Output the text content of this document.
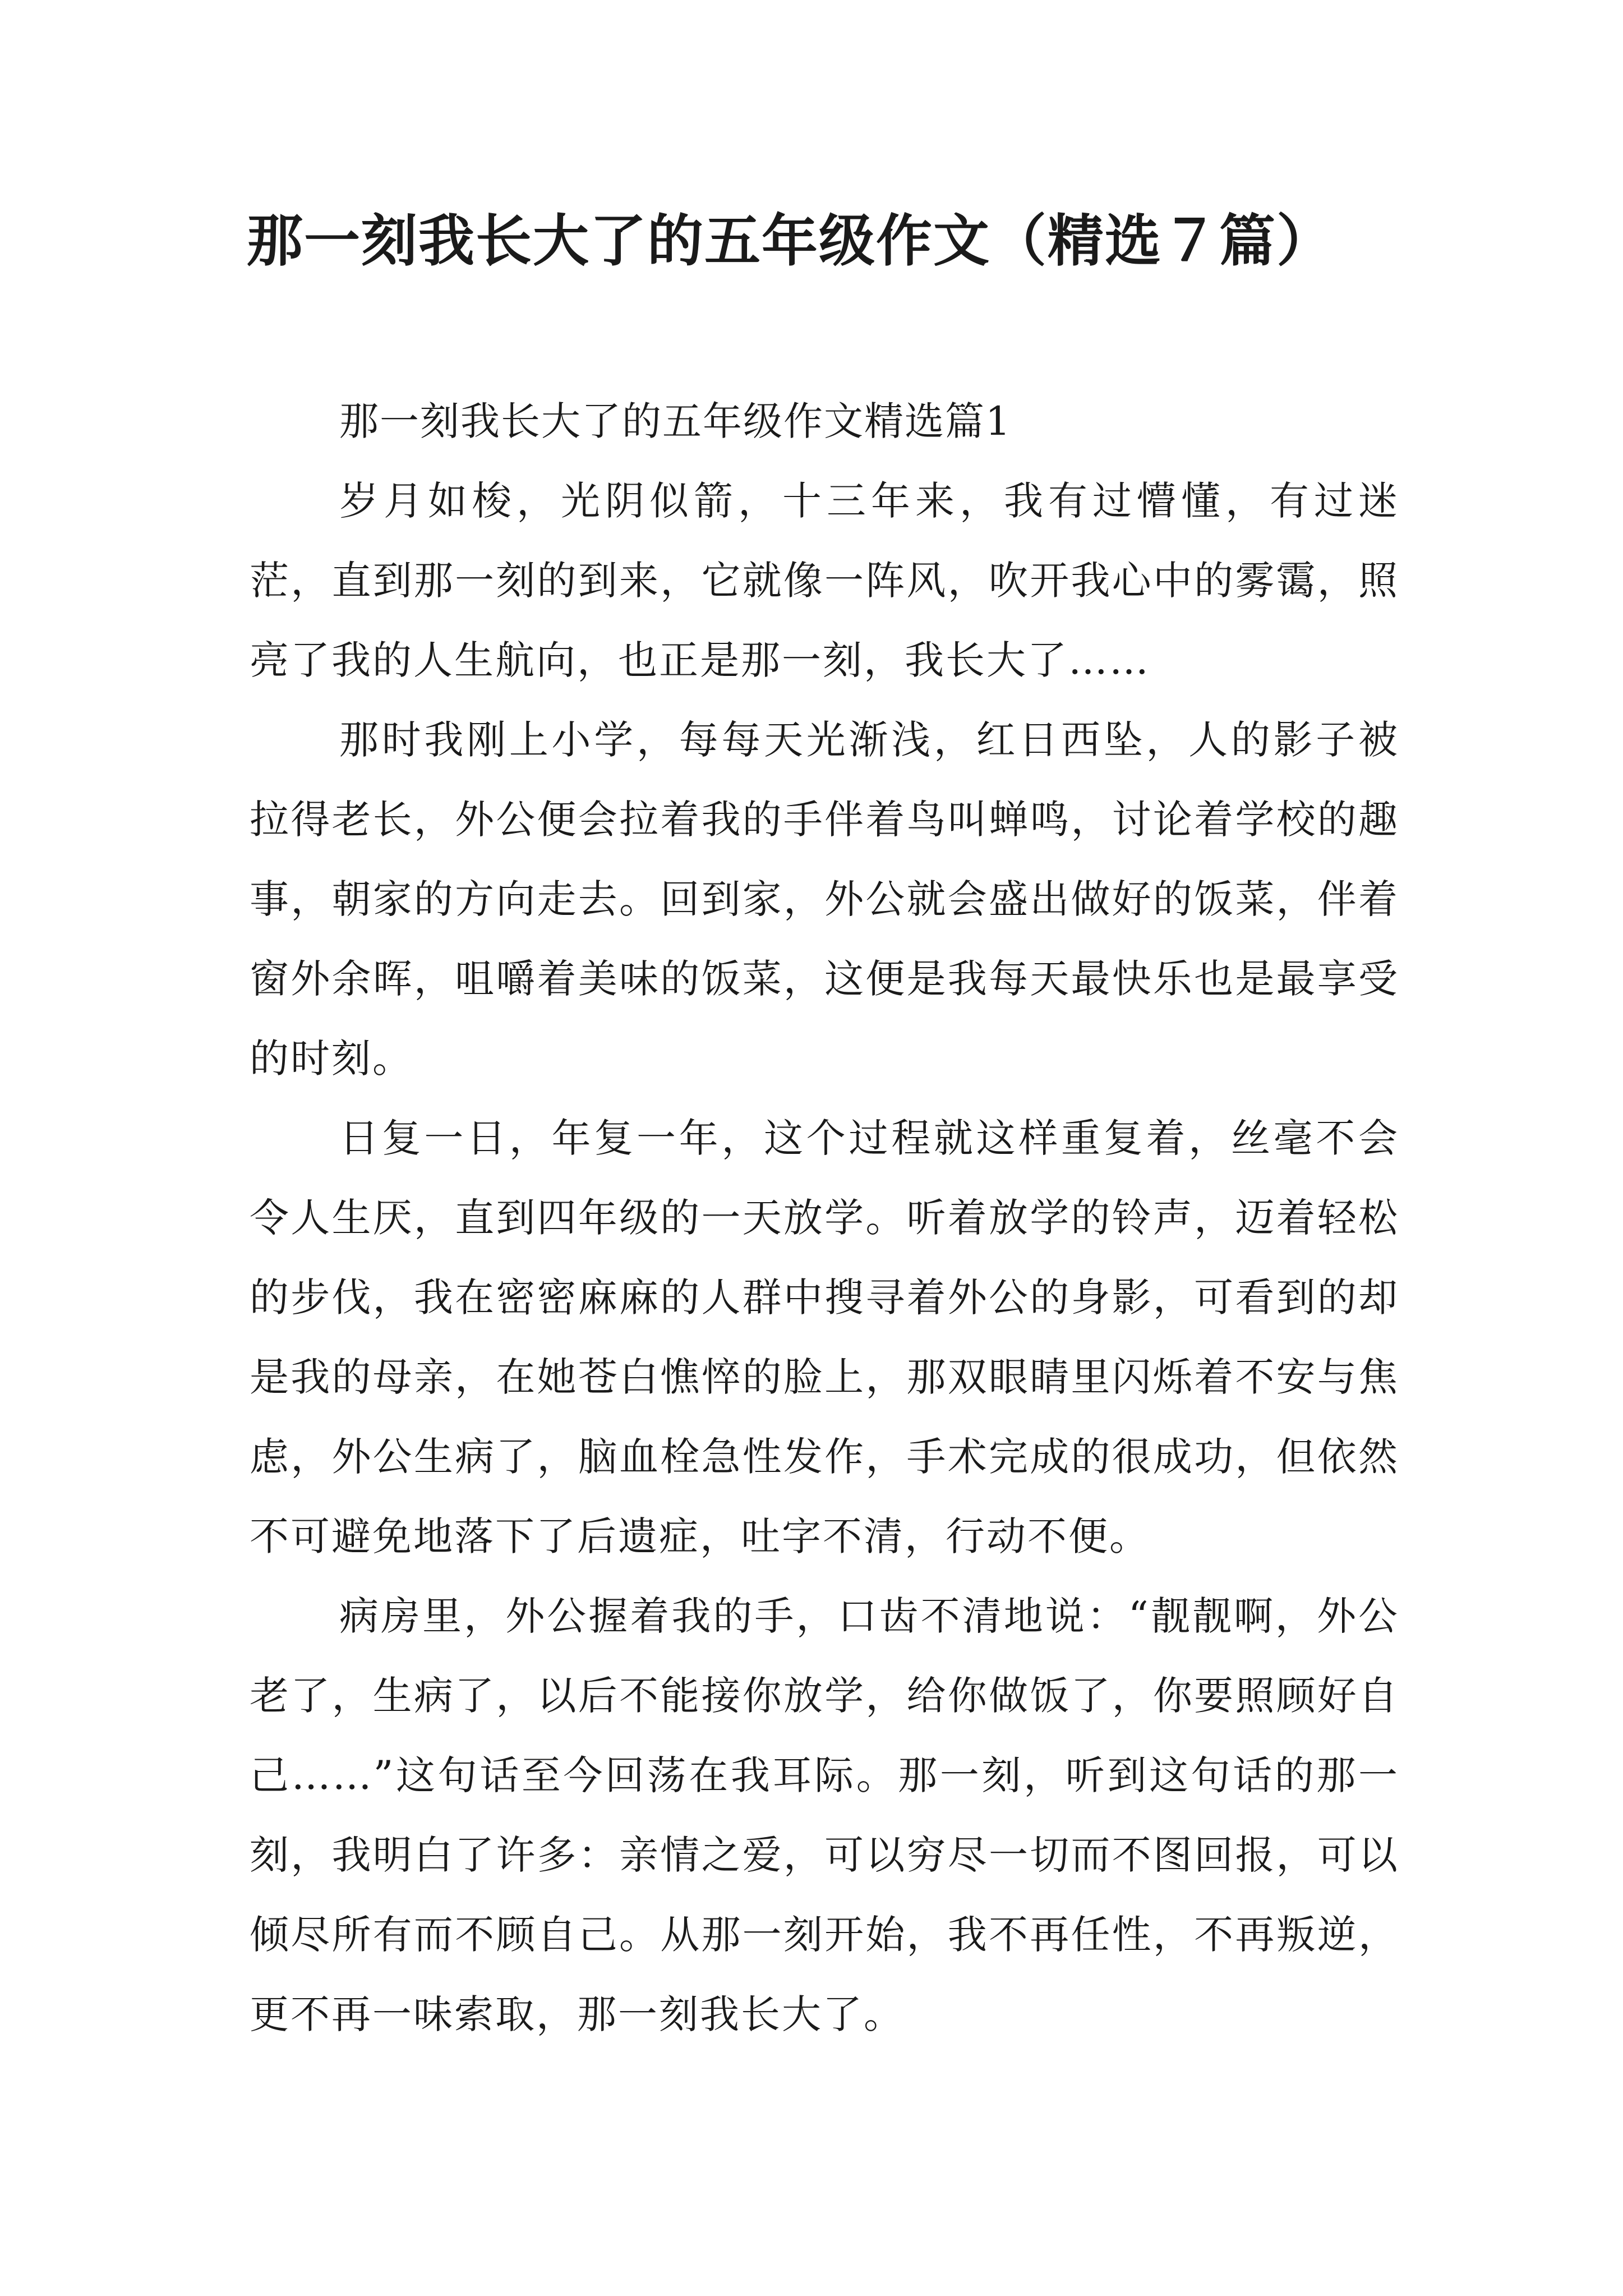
那一刻我长大了的五年级作文（精选７篇）

那一刻我长大了的五年级作文精选篇1

岁月如梭，光阴似箭，十三年来，我有过懵懂，有过迷茫，直到那一刻的到来，它就像一阵风，吹开我心中的雾霭，照亮了我的人生航向，也正是那一刻，我长大了……

那时我刚上小学，每每天光渐浅，红日西坠，人的影子被拉得老长，外公便会拉着我的手伴着鸟叫蝉鸣，讨论着学校的趣事，朝家的方向走去。回到家，外公就会盛出做好的饭菜，伴着窗外余晖，咀嚼着美味的饭菜，这便是我每天最快乐也是最享受的时刻。

日复一日，年复一年，这个过程就这样重复着，丝毫不会令人生厌，直到四年级的一天放学。听着放学的铃声，迈着轻松的步伐，我在密密麻麻的人群中搜寻着外公的身影，可看到的却是我的母亲，在她苍白憔悴的脸上，那双眼睛里闪烁着不安与焦虑，外公生病了，脑血栓急性发作，手术完成的很成功，但依然不可避免地落下了后遗症，吐字不清，行动不便。

病房里，外公握着我的手，口齿不清地说：“靓靓啊，外公老了，生病了，以后不能接你放学，给你做饭了，你要照顾好自己……”这句话至今回荡在我耳际。那一刻，听到这句话的那一刻，我明白了许多：亲情之爱，可以穷尽一切而不图回报，可以倾尽所有而不顾自己。从那一刻开始，我不再任性，不再叛逆，更不再一味索取，那一刻我长大了。
